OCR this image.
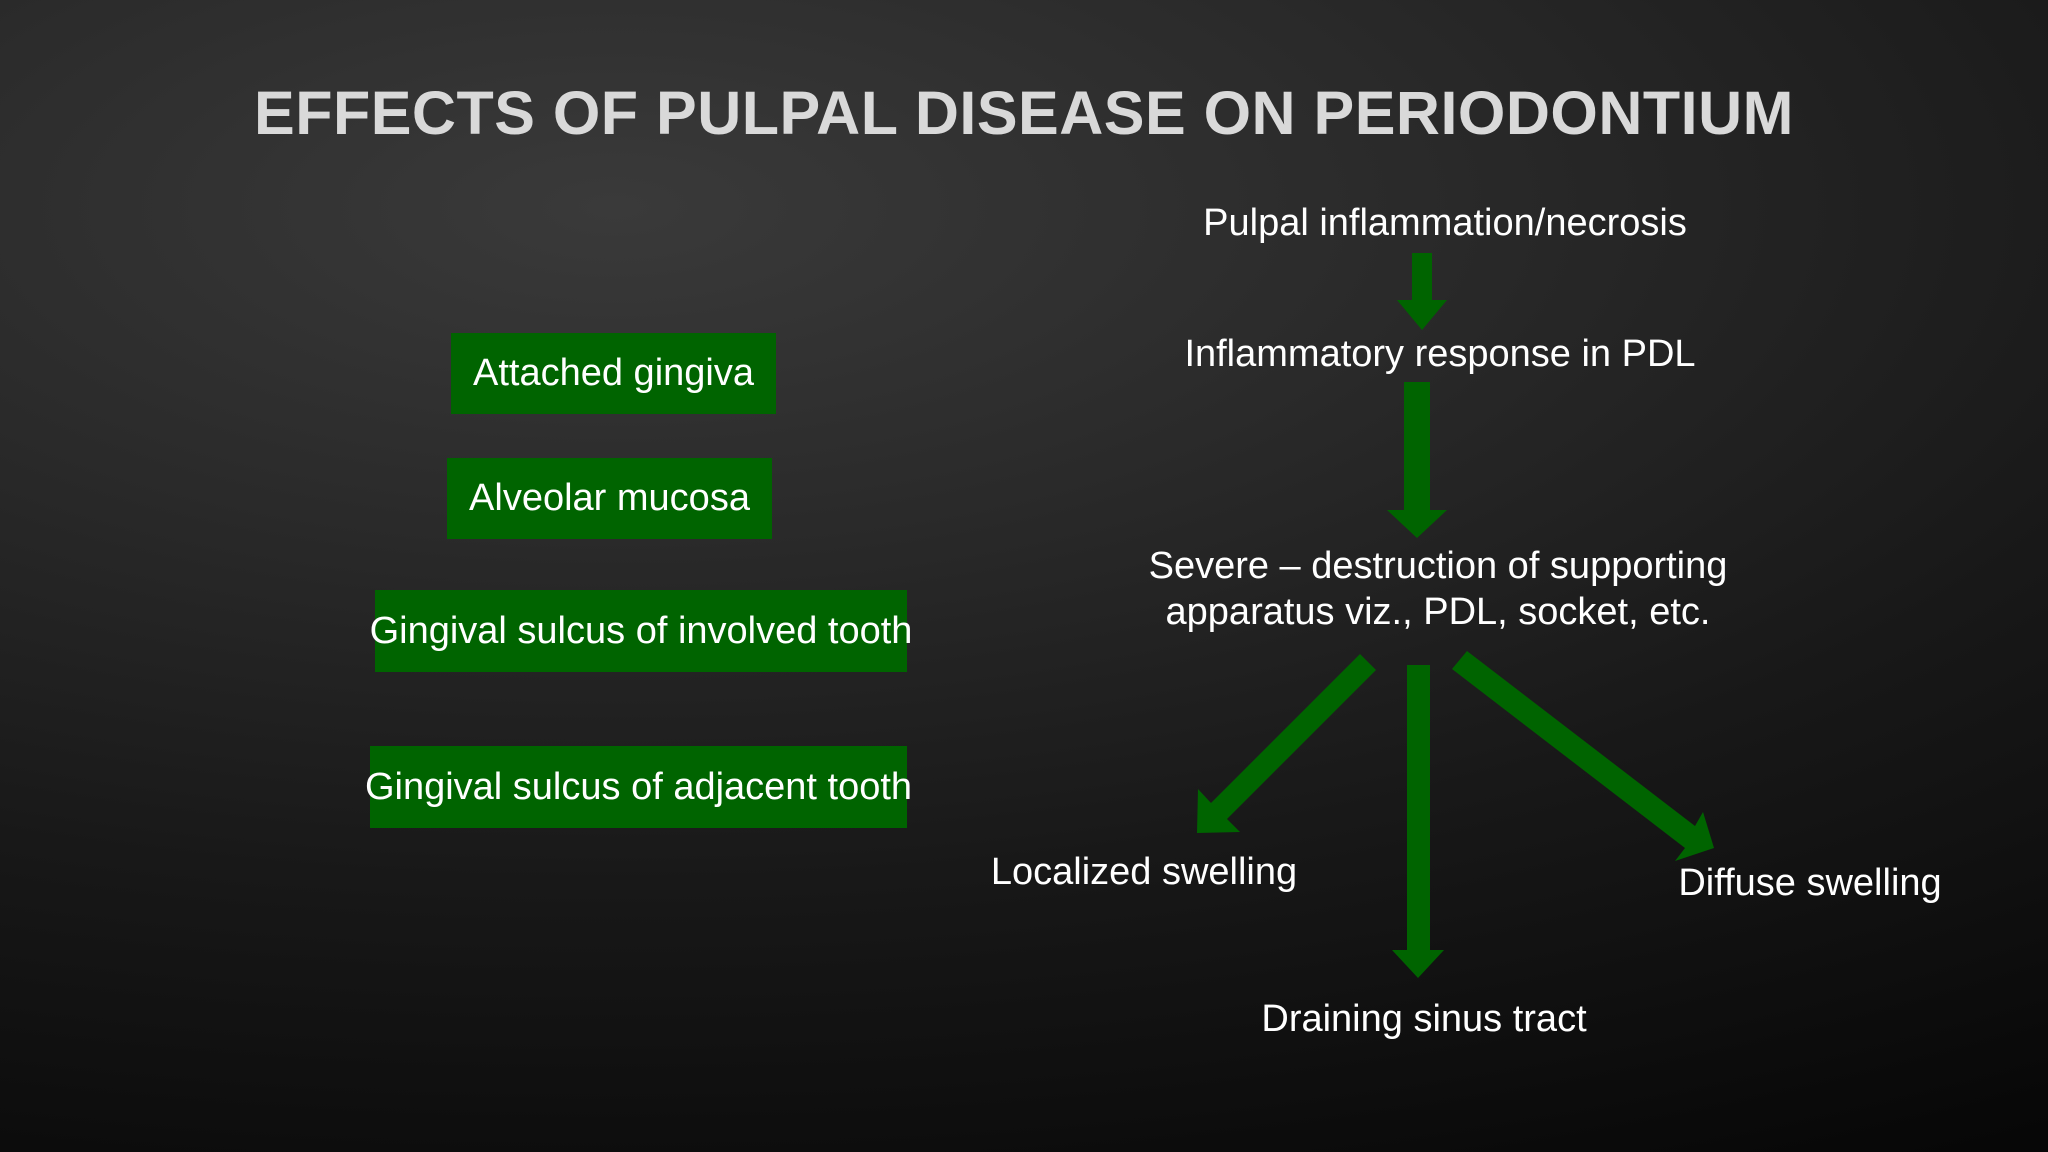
EFFECTS OF PULPAL DISEASE ON PERIODONTIUM
Attached gingiva
Alveolar mucosa
Gingival sulcus of involved tooth
Gingival sulcus of adjacent tooth
Pulpal inflammation/necrosis
Inflammatory response in PDL
Severe – destruction of supporting
apparatus viz., PDL, socket, etc.
Localized swelling
Draining sinus tract
Diffuse swelling
